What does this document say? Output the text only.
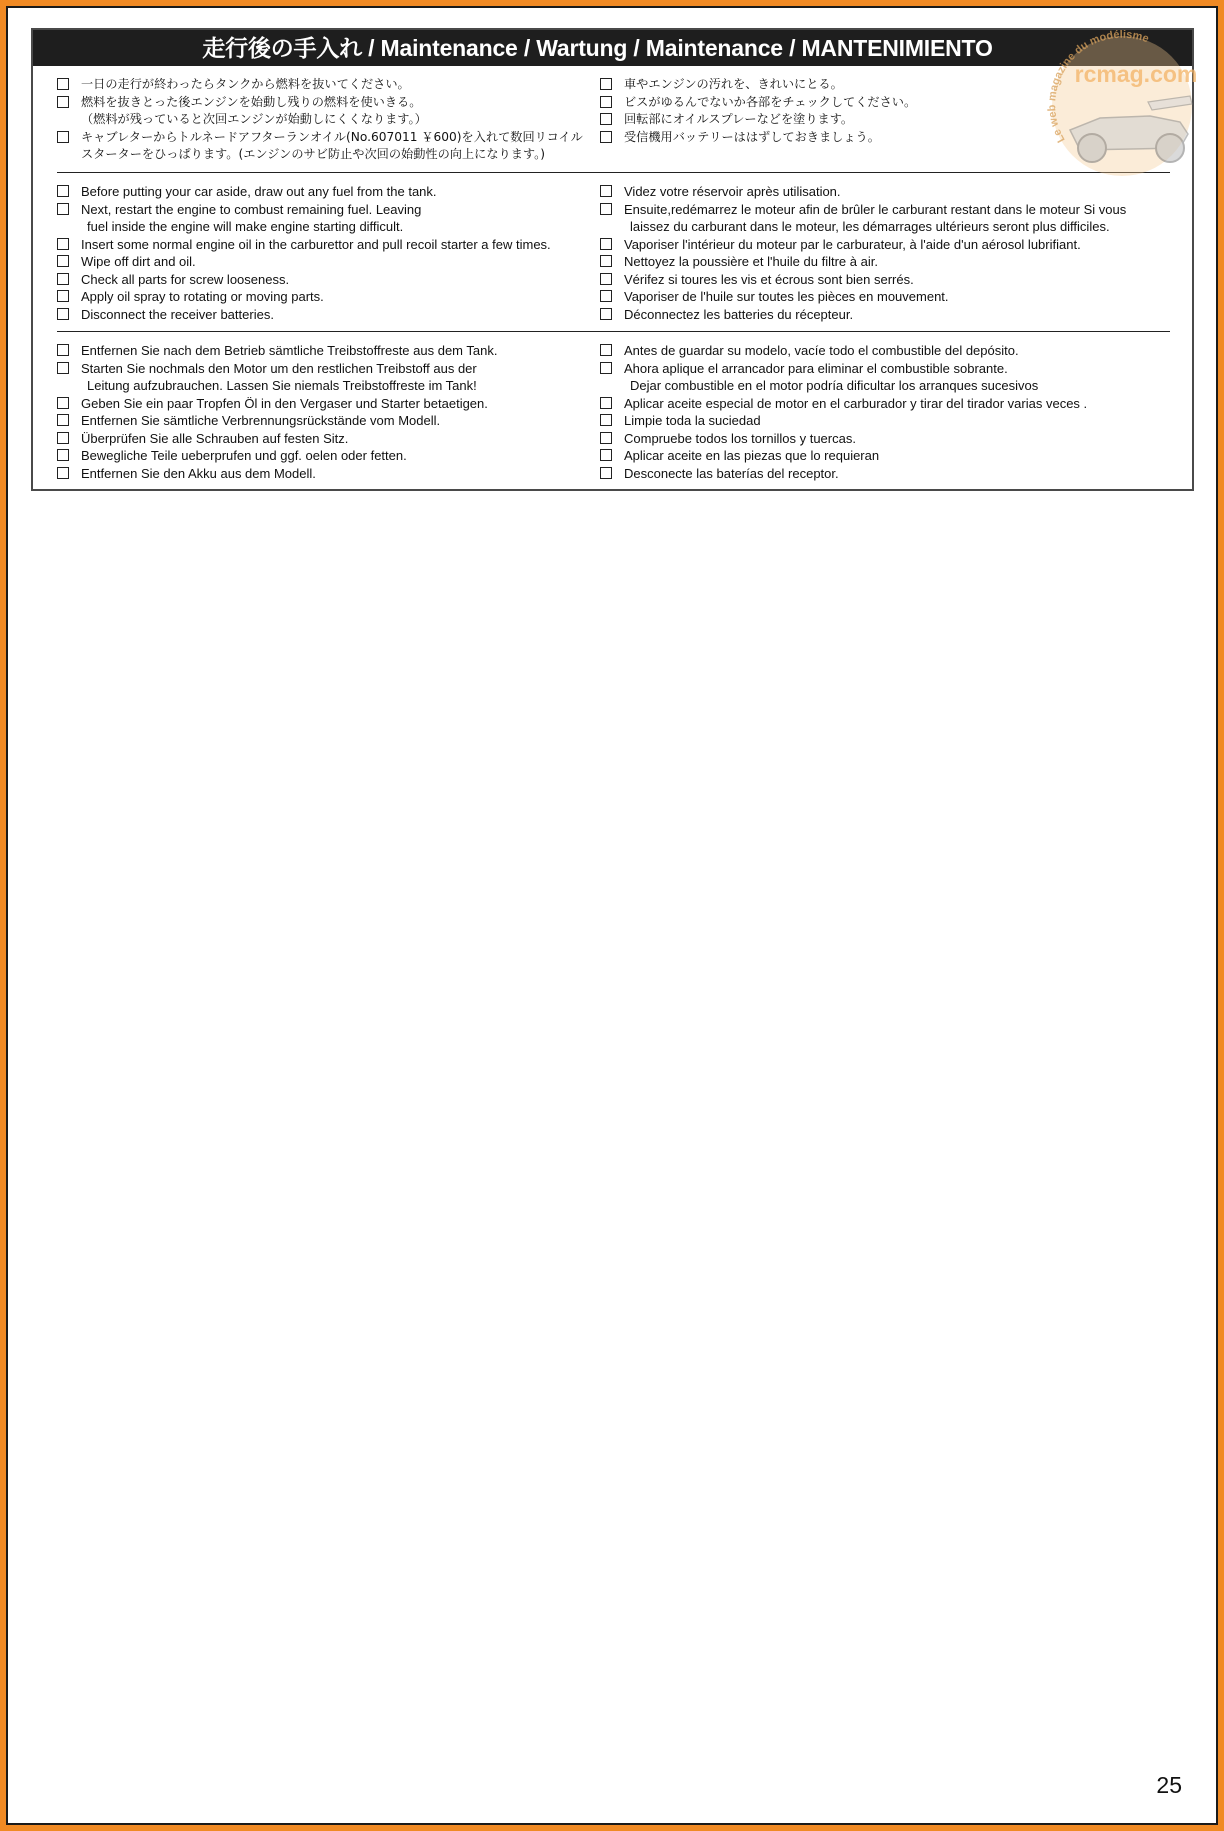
走行後の手入れ / Maintenance / Wartung / Maintenance / MANTENIMIENTO
一日の走行が終わったらタンクから燃料を抜いてください。
燃料を抜きとった後エンジンを始動し残りの燃料を使いきる。
（燃料が残っていると次回エンジンが始動しにくくなります。）
キャブレターからトルネードアフターランオイル(No.607011 ￥600)を入れて数回リコイル
スターターをひっぱります。(エンジンのサビ防止や次回の始動性の向上になります。)
車やエンジンの汚れを、きれいにとる。
ビスがゆるんでないか各部をチェックしてください。
回転部にオイルスプレーなどを塗ります。
受信機用バッテリーははずしておきましょう。
Before putting your car aside, draw out any fuel from the tank.
Next, restart the engine to combust remaining fuel. Leaving
fuel inside the engine will make engine starting difficult.
Insert some normal engine oil in the carburettor and pull recoil starter a few times.
Wipe off dirt and oil.
Check all parts for screw looseness.
Apply oil spray to rotating or moving parts.
Disconnect the receiver batteries.
Videz votre réservoir après utilisation.
Ensuite,redémarrez le moteur afin de brûler le carburant restant dans le moteur Si vous
laissez du carburant dans le moteur, les démarrages ultérieurs seront plus difficiles.
Vaporiser l'intérieur du moteur par le carburateur, à l'aide d'un aérosol lubrifiant.
Nettoyez la poussière et l'huile du filtre à air.
Vérifez si toures les vis et écrous sont bien serrés.
Vaporiser de l'huile sur toutes les pièces en mouvement.
Déconnectez les batteries du récepteur.
Entfernen Sie nach dem Betrieb sämtliche Treibstoffreste aus dem Tank.
Starten Sie nochmals den Motor um den restlichen Treibstoff aus der
Leitung aufzubrauchen. Lassen Sie niemals Treibstoffreste im Tank!
Geben Sie ein paar Tropfen Öl in den Vergaser und Starter betaetigen.
Entfernen Sie sämtliche Verbrennungsrückstände vom Modell.
Überprüfen Sie alle Schrauben auf festen Sitz.
Bewegliche Teile ueberprufen und ggf. oelen oder fetten.
Entfernen Sie den Akku aus dem Modell.
Antes de guardar su modelo, vacíe todo el combustible del depósito.
Ahora aplique el arrancador para eliminar el combustible sobrante.
Dejar combustible en el motor podría dificultar los arranques sucesivos
Aplicar aceite especial de motor en el carburador y tirar del tirador varias veces .
Limpie toda la suciedad
Compruebe todos los tornillos y tuercas.
Aplicar aceite en las piezas que lo requieran
Desconecte las baterías del receptor.
Le web magazine du modélisme
rcmag.com
25
